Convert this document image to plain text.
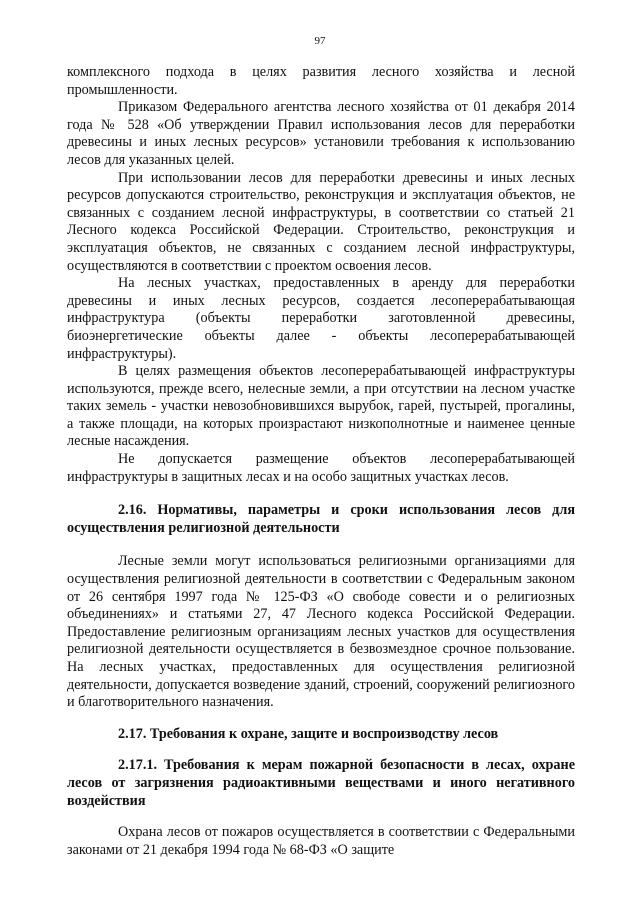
97

комплексного подхода в целях развития лесного хозяйства и лесной промышленности.

Приказом Федерального агентства лесного хозяйства от 01 декабря 2014 года № 528 «Об утверждении Правил использования лесов для переработки древесины и иных лесных ресурсов» установили требования к использованию лесов для указанных целей.

При использовании лесов для переработки древесины и иных лесных ресурсов допускаются строительство, реконструкция и эксплуатация объектов, не связанных с созданием лесной инфраструктуры, в соответствии со статьей 21 Лесного кодекса Российской Федерации. Строительство, реконструкция и эксплуатация объектов, не связанных с созданием лесной инфраструктуры, осуществляются в соответствии с проектом освоения лесов.

На лесных участках, предоставленных в аренду для переработки древесины и иных лесных ресурсов, создается лесоперерабатывающая инфраструктура (объекты переработки заготовленной древесины, биоэнергетические объекты далее - объекты лесоперерабатывающей инфраструктуры).

В целях размещения объектов лесоперерабатывающей инфраструктуры используются, прежде всего, нелесные земли, а при отсутствии на лесном участке таких земель - участки невозобновившихся вырубок, гарей, пустырей, прогалины, а также площади, на которых произрастают низкополнотные и наименее ценные лесные насаждения.

Не допускается размещение объектов лесоперерабатывающей инфраструктуры в защитных лесах и на особо защитных участках лесов.

2.16. Нормативы, параметры и сроки использования лесов для осуществления религиозной деятельности

Лесные земли могут использоваться религиозными организациями для осуществления религиозной деятельности в соответствии с Федеральным законом от 26 сентября 1997 года № 125-ФЗ «О свободе совести и о религиозных объединениях» и статьями 27, 47 Лесного кодекса Российской Федерации. Предоставление религиозным организациям лесных участков для осуществления религиозной деятельности осуществляется в безвозмездное срочное пользование. На лесных участках, предоставленных для осуществления религиозной деятельности, допускается возведение зданий, строений, сооружений религиозного и благотворительного назначения.

2.17. Требования к охране, защите и воспроизводству лесов

2.17.1. Требования к мерам пожарной безопасности в лесах, охране лесов от загрязнения радиоактивными веществами и иного негативного воздействия

Охрана лесов от пожаров осуществляется в соответствии с Федеральными законами от 21 декабря 1994 года № 68-ФЗ «О защите
